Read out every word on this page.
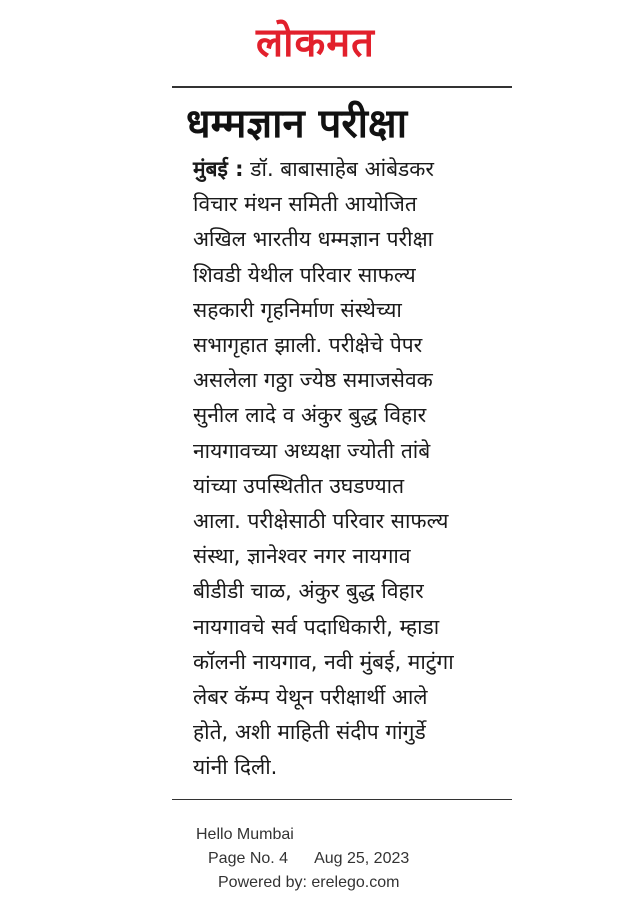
लोकमत
धम्मज्ञान परीक्षा
मुंबई : डॉ. बाबासाहेब आंबेडकर
विचार मंथन समिती आयोजित
अखिल भारतीय धम्मज्ञान परीक्षा
शिवडी येथील परिवार साफल्य
सहकारी गृहनिर्माण संस्थेच्या
सभागृहात झाली. परीक्षेचे पेपर
असलेला गठ्ठा ज्येष्ठ समाजसेवक
सुनील लादे व अंकुर बुद्ध विहार
नायगावच्या अध्यक्षा ज्योती तांबे
यांच्या उपस्थितीत उघडण्यात
आला. परीक्षेसाठी परिवार साफल्य
संस्था, ज्ञानेश्वर नगर नायगाव
बीडीडी चाळ, अंकुर बुद्ध विहार
नायगावचे सर्व पदाधिकारी, म्हाडा
कॉलनी नायगाव, नवी मुंबई, माटुंगा
लेबर कॅम्प येथून परीक्षार्थी आले
होते, अशी माहिती संदीप गांगुर्डे
यांनी दिली.
Hello Mumbai
Page No. 4 Aug 25, 2023
Powered by: erelego.com
